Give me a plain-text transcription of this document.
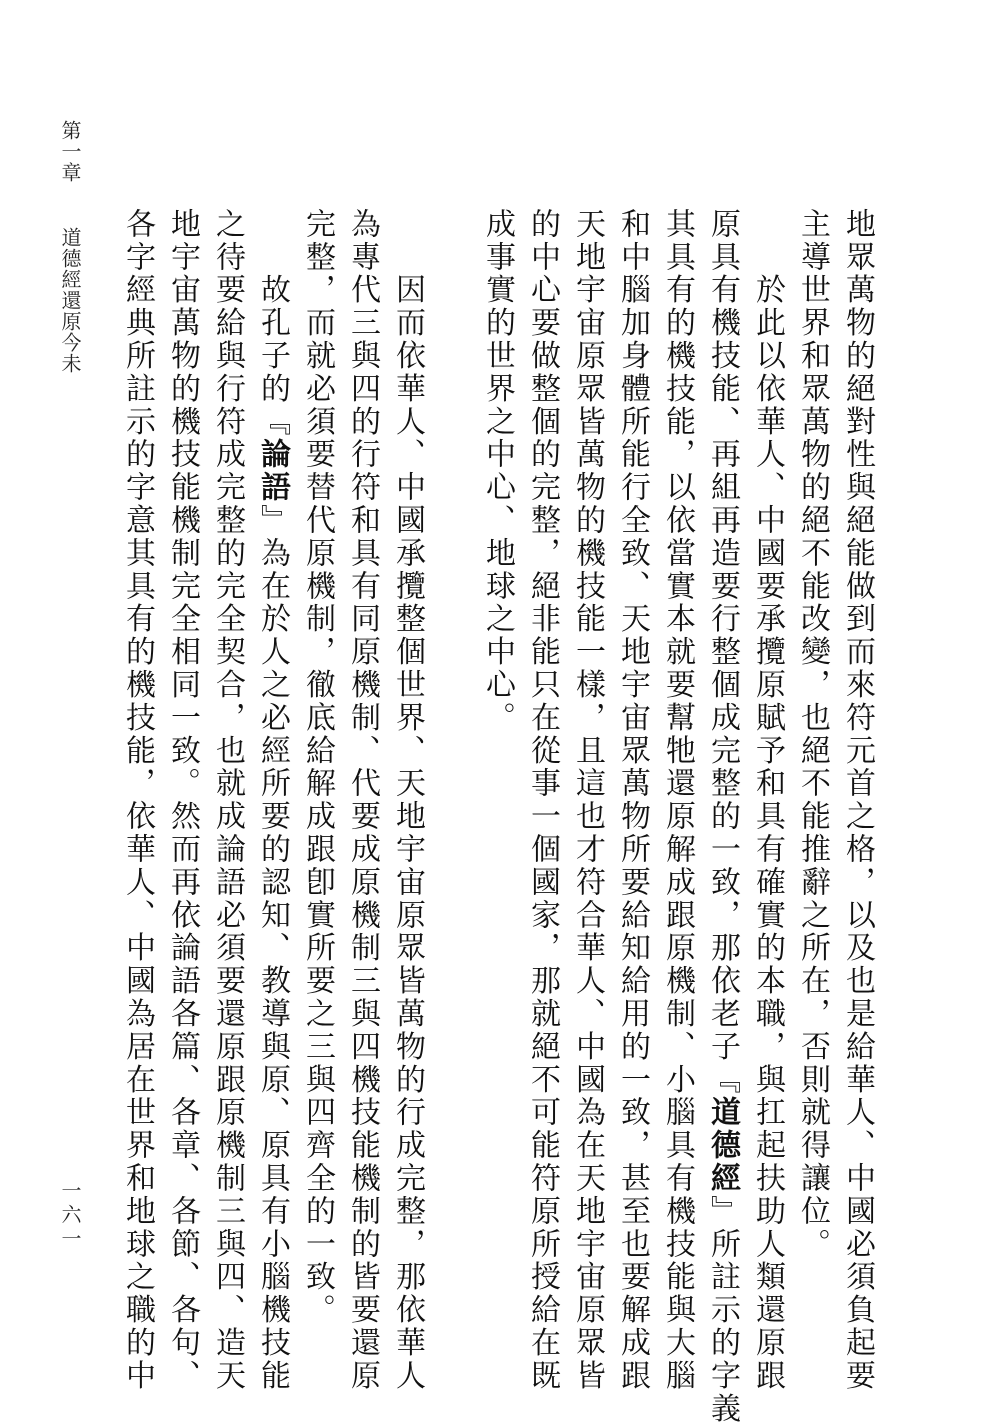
第一章道德經還原今未
一六一	地眾萬物的絕對性與絕能做到而來符元首之格，以及也是給華人、中國必須負起要
主導世界和眾萬物的絕不能改變，也絕不能推辭之所在，否則就得讓位。
　　於此以依華人、中國要承攬原賦予和具有確實的本職，與扛起扶助人類還原跟
原具有機技能、再組再造要行整個成完整的一致，那依老子『道德經』所註示的字義
其具有的機技能，以依當實本就要幫牠還原解成跟原機制、小腦具有機技能與大腦
和中腦加身體所能行全致、天地宇宙眾萬物所要給知給用的一致，甚至也要解成跟
天地宇宙原眾皆萬物的機技能一樣，且這也才符合華人、中國為在天地宇宙原眾皆
的中心要做整個的完整，絕非能只在從事一個國家，那就絕不可能符原所授給在既
成事實的世界之中心、地球之中心。

　　因而依華人、中國承攬整個世界、天地宇宙原眾皆萬物的行成完整，那依華人
為專代三與四的行符和具有同原機制、代要成原機制三與四機技能機制的皆要還原
完整，而就必須要替代原機制，徹底給解成跟卽實所要之三與四齊全的一致。
　　故孔子的『論語』為在於人之必經所要的認知、教導與原、原具有小腦機技能
之待要給與行符成完整的完全契合，也就成論語必須要還原跟原機制三與四、造天
地宇宙萬物的機技能機制完全相同一致。然而再依論語各篇、各章、各節、各句、
各字經典所註示的字意其具有的機技能，依華人、中國為居在世界和地球之職的中
